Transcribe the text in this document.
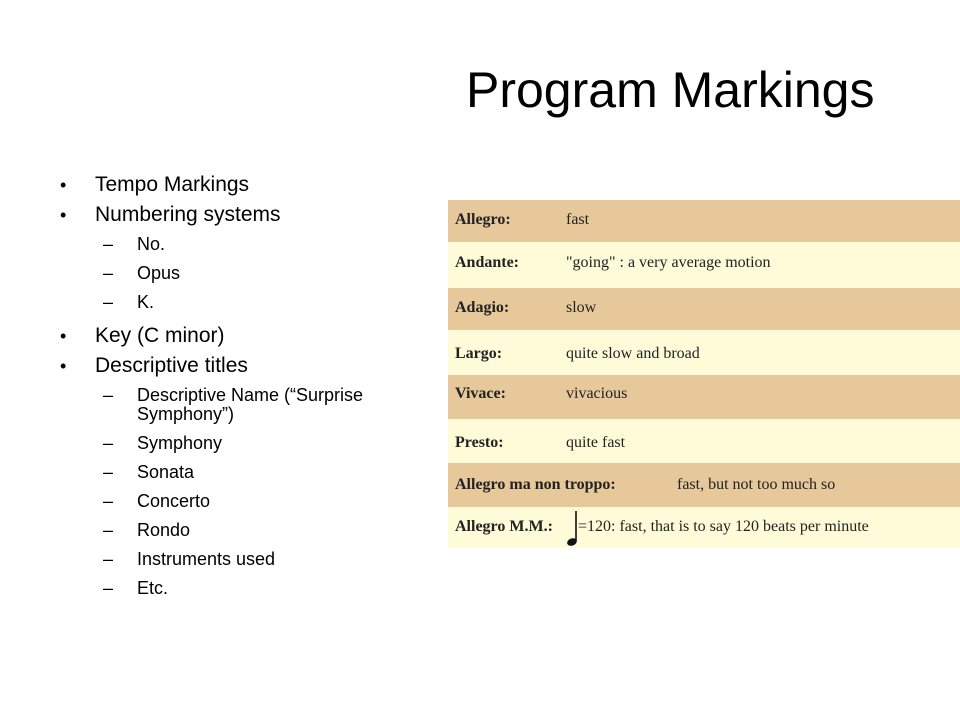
Program Markings
• Tempo Markings
• Numbering systems
– No.
– Opus
– K.
• Key (C minor)
• Descriptive titles
– Descriptive Name (“Surprise Symphony”)
– Symphony
– Sonata
– Concerto
– Rondo
– Instruments used
– Etc.
Allegro:	fast
Andante:	"going" : a very average motion
Adagio:	slow
Largo:	quite slow and broad
Vivace:	vivacious
Presto:	quite fast
Allegro ma non troppo:	fast, but not too much so
Allegro M.M.: =120: fast, that is to say 120 beats per minute
